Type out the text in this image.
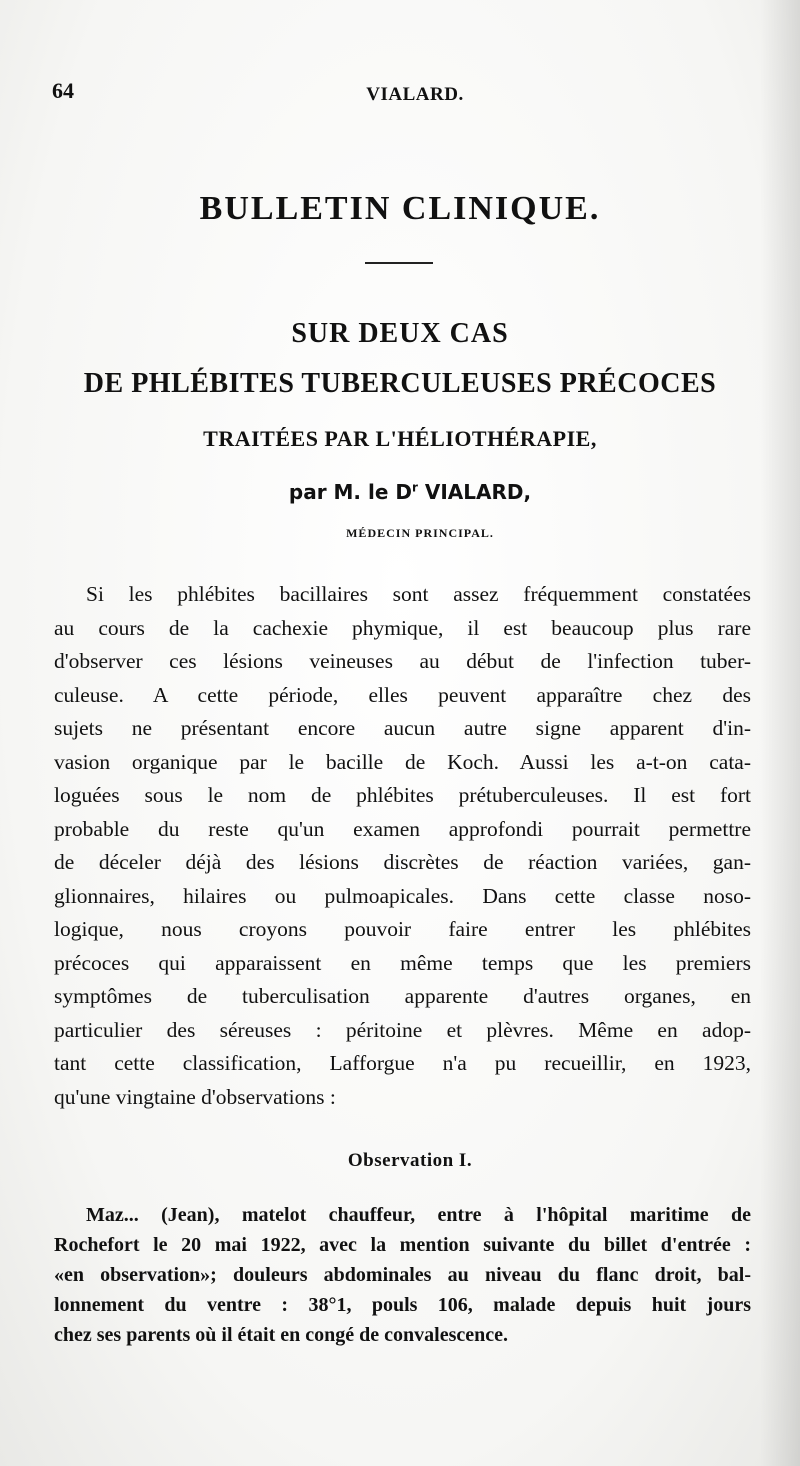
64	VIALARD.
BULLETIN CLINIQUE.
SUR DEUX CAS
DE PHLÉBITES TUBERCULEUSES PRÉCOCES
TRAITÉES PAR L'HÉLIOTHÉRAPIE,
par M. le $D^r$ VIALARD,
MÉDECIN PRINCIPAL.
Si les phlébites bacillaires sont assez fréquemment constatées
au cours de la cachexie phymique, il est beaucoup plus rare
d'observer ces lésions veineuses au début de l'infection tuber-
culeuse. A cette période, elles peuvent apparaître chez des
sujets ne présentant encore aucun autre signe apparent d'in-
vasion organique par le bacille de Koch. Aussi les a-t-on cata-
loguées sous le nom de phlébites prétuberculeuses. Il est fort
probable du reste qu'un examen approfondi pourrait permettre
de déceler déjà des lésions discrètes de réaction variées, gan-
glionnaires, hilaires ou pulmoapicales. Dans cette classe noso-
logique, nous croyons pouvoir faire entrer les phlébites
précoces qui apparaissent en même temps que les premiers
symptômes de tuberculisation apparente d'autres organes, en
particulier des séreuses : péritoine et plèvres. Même en adop-
tant cette classification, Lafforgue n'a pu recueillir, en 1923,
qu'une vingtaine d'observations :
Observation I.
Maz... (Jean), matelot chauffeur, entre à l'hôpital maritime de
Rochefort le 20 mai 1922, avec la mention suivante du billet d'entrée :
«en observation»; douleurs abdominales au niveau du flanc droit, bal-
lonnement du ventre : 38°1, pouls 106, malade depuis huit jours
chez ses parents où il était en congé de convalescence.
